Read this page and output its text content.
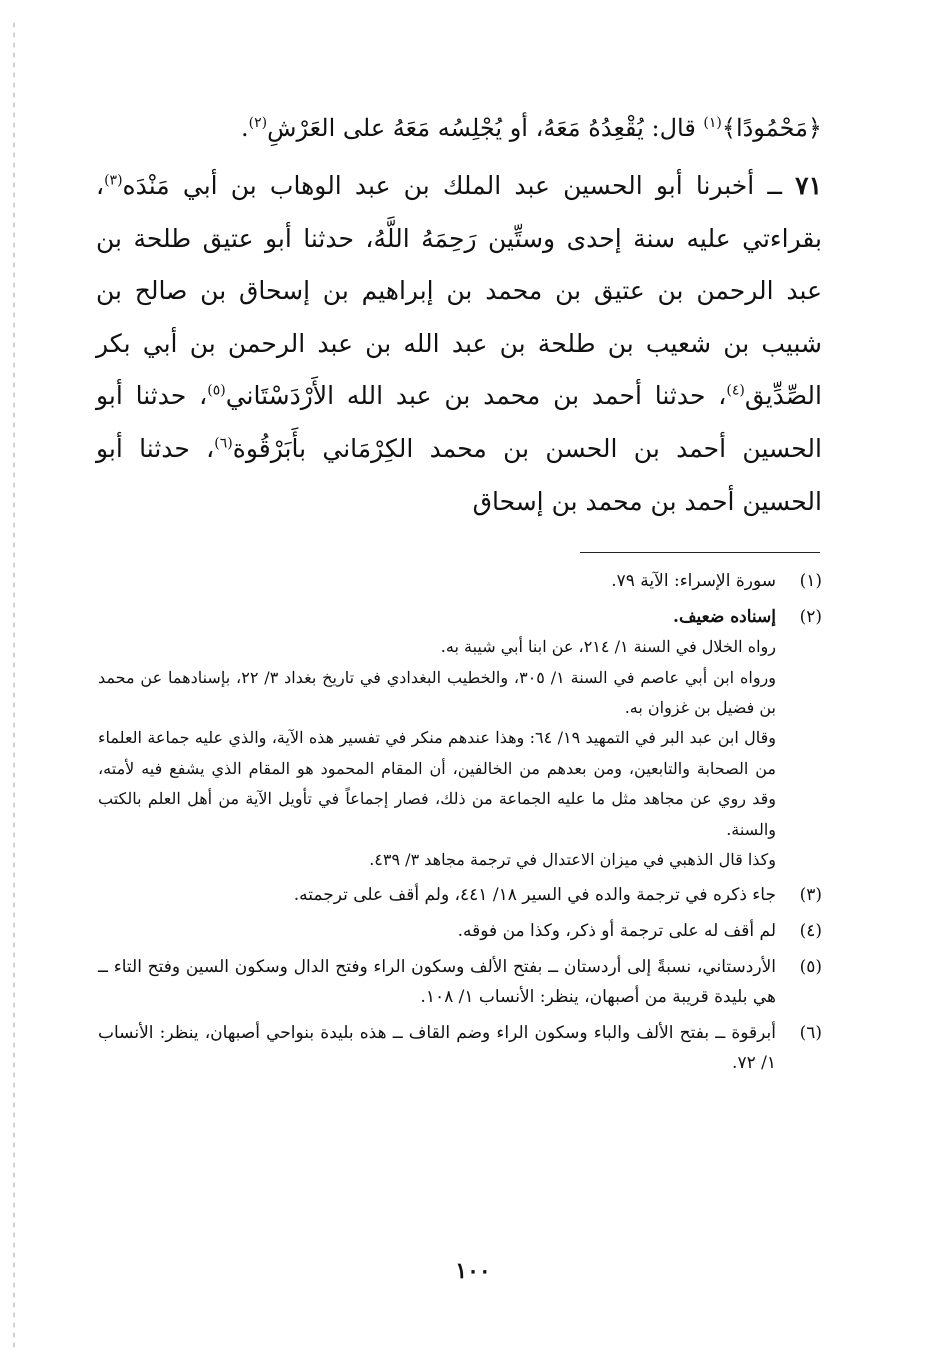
﴿مَحْمُودًا﴾$^{(١)}$ قال: يُقْعِدُهُ مَعَهُ، أو يُجْلِسُه مَعَهُ على العَرْشِ$^{(٢)}$.

٧١ ــ أخبرنا أبو الحسين عبد الملك بن عبد الوهاب بن أبي مَنْدَه$^{(٣)}$، بقراءتي عليه سنة إحدى وستِّين رَحِمَهُ اللَّهُ، حدثنا أبو عتيق طلحة بن عبد الرحمن بن عتيق بن محمد بن إبراهيم بن إسحاق بن صالح بن شبيب بن شعيب بن طلحة بن عبد الله بن عبد الرحمن بن أبي بكر الصِّدِّيق$^{(٤)}$، حدثنا أحمد بن محمد بن عبد الله الأَرْدَسْتَاني$^{(٥)}$، حدثنا أبو الحسين أحمد بن الحسن بن محمد الكِرْمَاني بأَبَرْقُوة$^{(٦)}$، حدثنا أبو الحسين أحمد بن محمد بن إسحاق

(١)

سورة الإسراء: الآية ٧٩.

(٢)

إسناده ضعيف.

رواه الخلال في السنة ١/ ٢١٤، عن ابنا أبي شيبة به.

ورواه ابن أبي عاصم في السنة ١/ ٣٠٥، والخطيب البغدادي في تاريخ بغداد ٣/ ٢٢، بإسنادهما عن محمد بن فضيل بن غزوان به.

وقال ابن عبد البر في التمهيد ١٩/ ٦٤: وهذا عندهم منكر في تفسير هذه الآية، والذي عليه جماعة العلماء من الصحابة والتابعين، ومن بعدهم من الخالفين، أن المقام المحمود هو المقام الذي يشفع فيه لأمته، وقد روي عن مجاهد مثل ما عليه الجماعة من ذلك، فصار إجماعاً في تأويل الآية من أهل العلم بالكتب والسنة.

وكذا قال الذهبي في ميزان الاعتدال في ترجمة مجاهد ٣/ ٤٣٩.

(٣)

جاء ذكره في ترجمة والده في السير ١٨/ ٤٤١، ولم أقف على ترجمته.

(٤)

لم أقف له على ترجمة أو ذكر، وكذا من فوقه.

(٥)

الأردستاني، نسبةً إلى أردستان ــ بفتح الألف وسكون الراء وفتح الدال وسكون السين وفتح التاء ــ هي بليدة قريبة من أصبهان، ينظر: الأنساب ١/ ١٠٨.

(٦)

أبرقوة ــ بفتح الألف والباء وسكون الراء وضم القاف ــ هذه بليدة بنواحي أصبهان، ينظر: الأنساب ١/ ٧٢.

١٠٠
